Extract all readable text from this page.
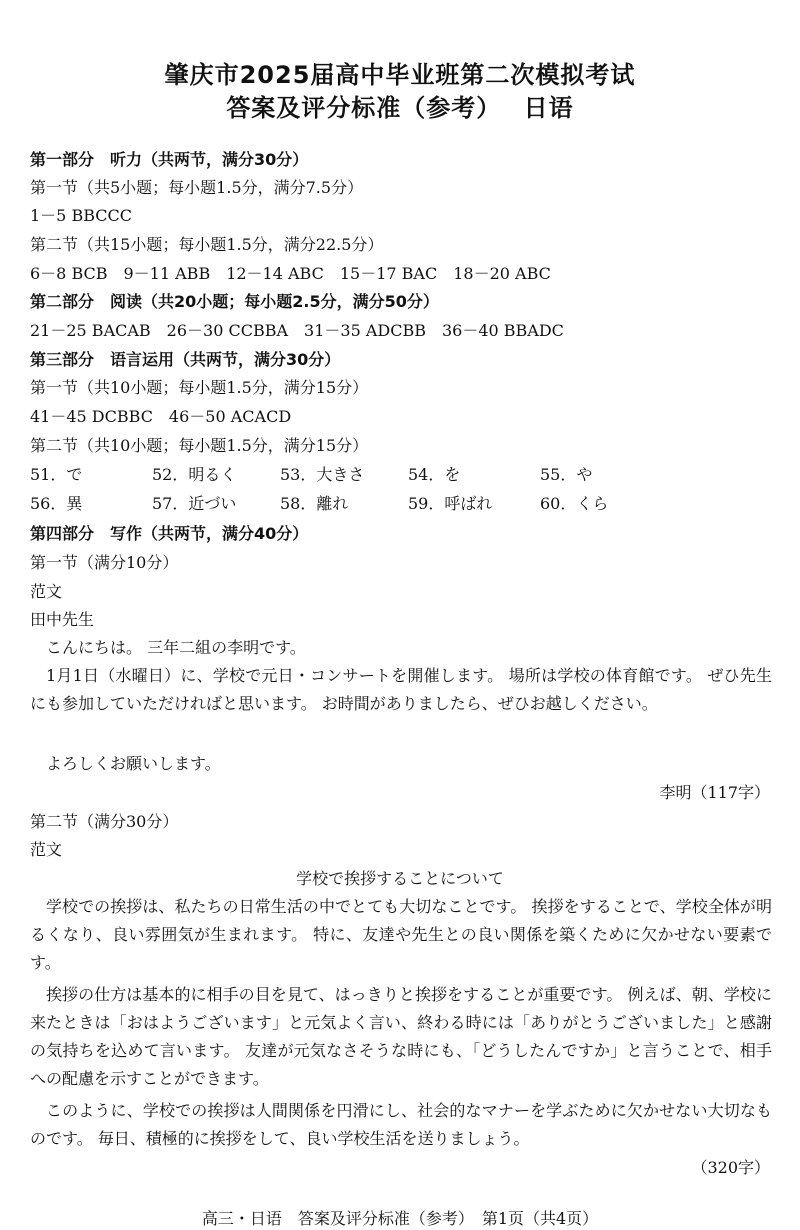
肇庆市2025届高中毕业班第二次模拟考试
答案及评分标准（参考）　 日语
第一部分　听力（共两节，满分30分）
第一节（共5小题；每小题1.5分，满分7.5分）
1－5 BBCCC
第二节（共15小题；每小题1.5分，满分22.5分）
6－8 BCB　9－11 ABB　12－14 ABC　15－17 BAC　18－20 ABC
第二部分　阅读（共20小题；每小题2.5分，满分50分）
21－25 BACAB　26－30 CCBBA　31－35 ADCBB　36－40 BBADC
第三部分　语言运用（共两节，满分30分）
第一节（共10小题；每小题1.5分，满分15分）
41－45 DCBBC　46－50 ACACD
第二节（共10小题；每小题1.5分，满分15分）
51．で	52．明るく	53．大きさ	54．を	55．や
56．異	57．近づい	58．離れ	59．呼ばれ	60．くら
第四部分　写作（共两节，满分40分）
第一节（满分10分）
范文
田中先生
こんにちは。 三年二組の李明です。
1月1日（水曜日）に、学校で元日・コンサートを開催します。 場所は学校の体育館です。 ぜひ先生にも参加していただければと思います。 お時間がありましたら、ぜひお越しください。
よろしくお願いします。
李明（117字）
第二节（满分30分）
范文
学校で挨拶することについて
学校での挨拶は、私たちの日常生活の中でとても大切なことです。 挨拶をすることで、学校全体が明るくなり、良い雰囲気が生まれます。 特に、友達や先生との良い関係を築くために欠かせない要素です。
挨拶の仕方は基本的に相手の目を見て、はっきりと挨拶をすることが重要です。 例えば、朝、学校に来たときは「おはようございます」と元気よく言い、終わる時には「ありがとうございました」と感謝の気持ちを込めて言います。 友達が元気なさそうな時にも、「どうしたんですか」と言うことで、相手への配慮を示すことができます。
このように、学校での挨拶は人間関係を円滑にし、社会的なマナーを学ぶために欠かせない大切なものです。 毎日、積極的に挨拶をして、良い学校生活を送りましょう。
（320字）
高三・日语　答案及评分标准（参考）　第1页（共4页）
